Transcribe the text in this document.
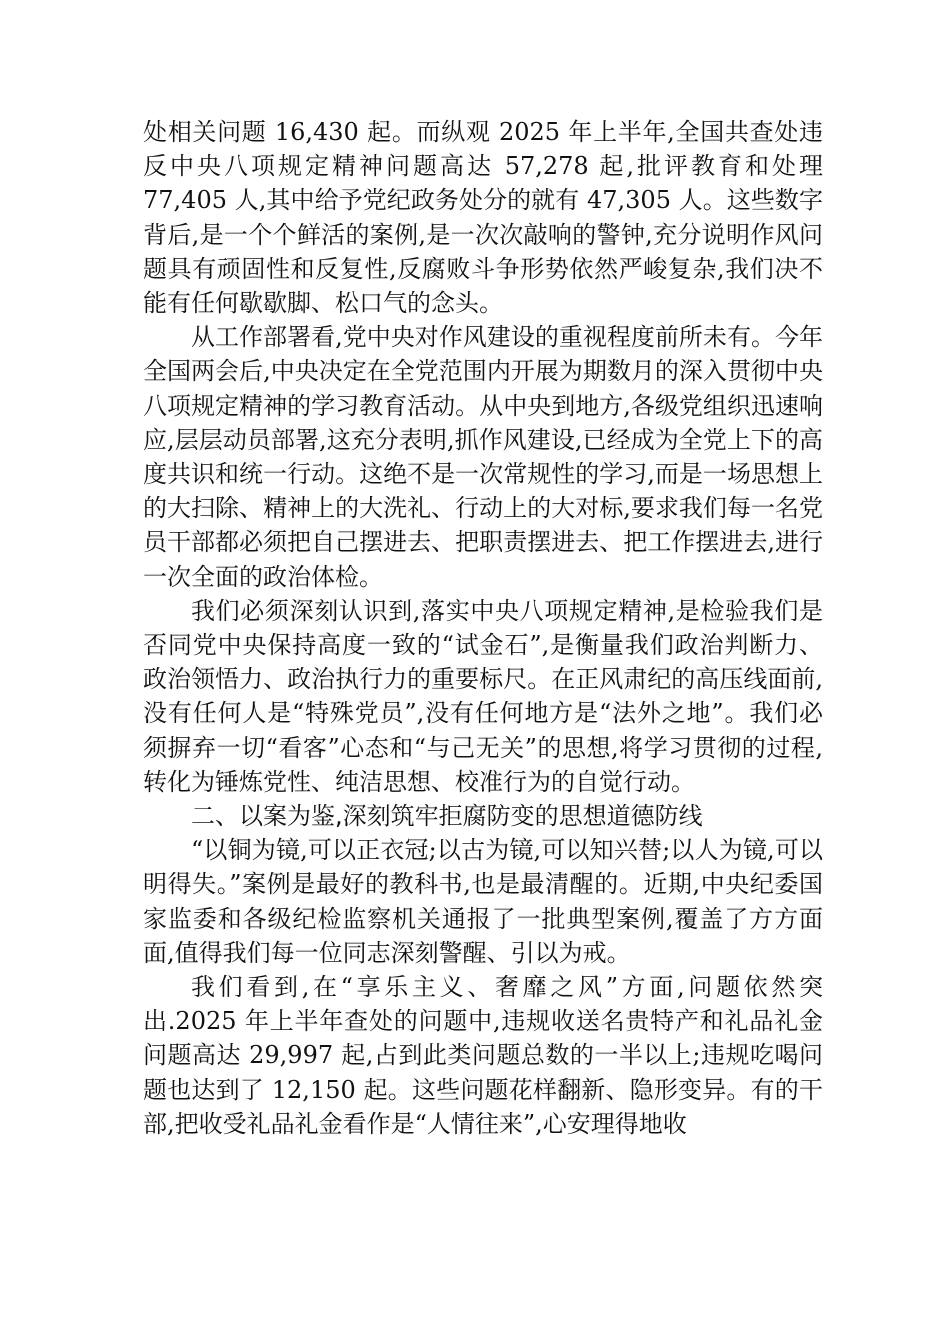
处相关问题 16,430 起。而纵观 2025 年上半年,全国共查处违反中央八项规定精神问题高达 57,278 起,批评教育和处理 77,405 人,其中给予党纪政务处分的就有 47,305 人。这些数字背后,是一个个鲜活的案例,是一次次敲响的警钟,充分说明作风问题具有顽固性和反复性,反腐败斗争形势依然严峻复杂,我们决不能有任何歇歇脚、松口气的念头。

从工作部署看,党中央对作风建设的重视程度前所未有。今年全国两会后,中央决定在全党范围内开展为期数月的深入贯彻中央八项规定精神的学习教育活动。从中央到地方,各级党组织迅速响应,层层动员部署,这充分表明,抓作风建设,已经成为全党上下的高度共识和统一行动。这绝不是一次常规性的学习,而是一场思想上的大扫除、精神上的大洗礼、行动上的大对标,要求我们每一名党员干部都必须把自己摆进去、把职责摆进去、把工作摆进去,进行一次全面的政治体检。

我们必须深刻认识到,落实中央八项规定精神,是检验我们是否同党中央保持高度一致的“试金石”,是衡量我们政治判断力、政治领悟力、政治执行力的重要标尺。在正风肃纪的高压线面前,没有任何人是“特殊党员”,没有任何地方是“法外之地”。我们必须摒弃一切“看客”心态和“与己无关”的思想,将学习贯彻的过程,转化为锤炼党性、纯洁思想、校准行为的自觉行动。

二、以案为鉴,深刻筑牢拒腐防变的思想道德防线

“以铜为镜,可以正衣冠;以古为镜,可以知兴替;以人为镜,可以明得失。”案例是最好的教科书,也是最清醒的。近期,中央纪委国家监委和各级纪检监察机关通报了一批典型案例,覆盖了方方面面,值得我们每一位同志深刻警醒、引以为戒。

我们看到,在“享乐主义、奢靡之风”方面,问题依然突出.2025 年上半年查处的问题中,违规收送名贵特产和礼品礼金问题高达 29,997 起,占到此类问题总数的一半以上;违规吃喝问题也达到了 12,150 起。这些问题花样翻新、隐形变异。有的干部,把收受礼品礼金看作是“人情往来”,心安理得地收
